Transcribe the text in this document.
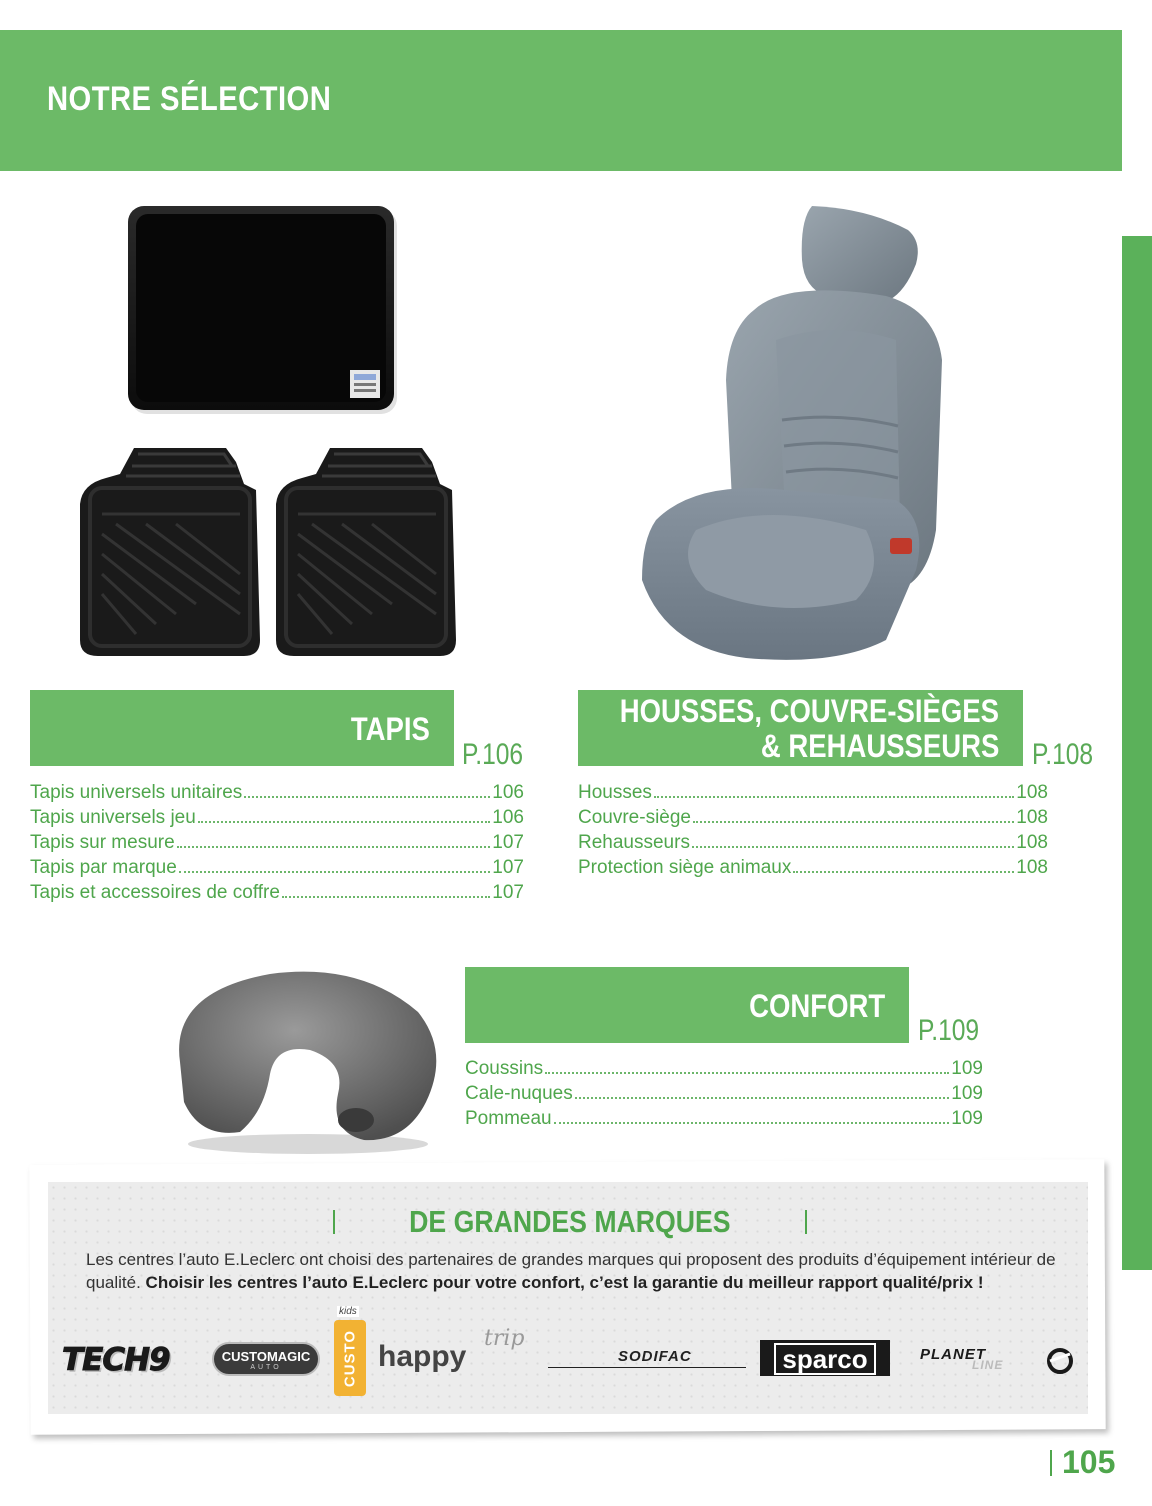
NOTRE SÉLECTION
TAPIS
P.106
Tapis universels unitaires	106
Tapis universels jeu	106
Tapis sur mesure	107
Tapis par marque	107
Tapis et accessoires de coffre	107
HOUSSES, COUVRE-SIÈGES
& REHAUSSEURS P.108
Housses	108
Couvre-siège	108
Rehausseurs	108
Protection siège animaux	108
CONFORT
P.109
Coussins	109
Cale-nuques	109
Pommeau	109
DE GRANDES MARQUES

Les centres l’auto E.Leclerc ont choisi des partenaires de grandes marques qui proposent des produits d’équipement intérieur de qualité. Choisir les centres l’auto E.Leclerc pour votre confort, c’est la garantie du meilleur rapport qualité/prix !

TECH9	CUSTOMAGIC
AUTO
kids
CUSTO happy
trip
SODIFAC	sparco	PLANET
LINE
105
